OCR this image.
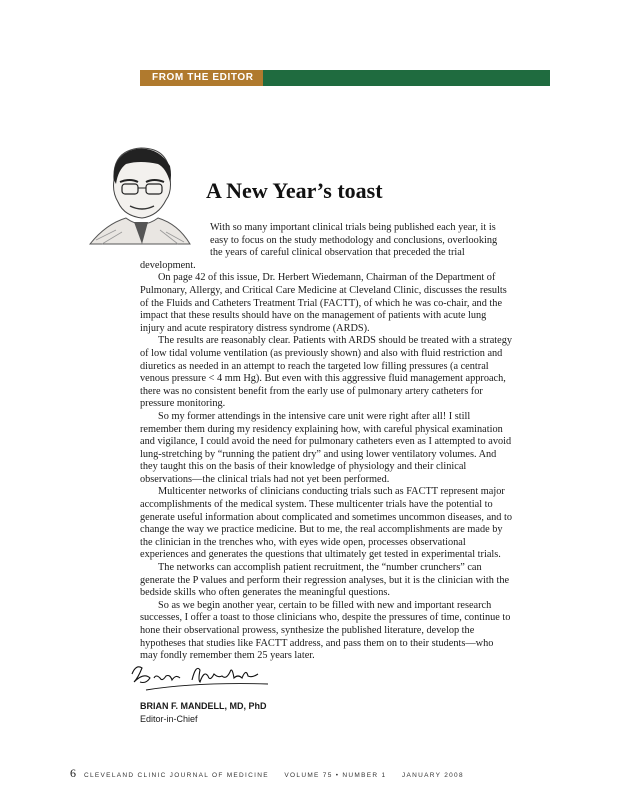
FROM THE EDITOR
A New Year’s toast

With so many important clinical trials being published each year, it is easy to focus on the study methodology and conclusions, overlooking the years of careful clinical observation that preceded the trial

development.

On page 42 of this issue, Dr. Herbert Wiedemann, Chairman of the Department of Pulmonary, Allergy, and Critical Care Medicine at Cleveland Clinic, discusses the results of the Fluids and Catheters Treatment Trial (FACTT), of which he was co-chair, and the impact that these results should have on the management of patients with acute lung injury and acute respiratory distress syndrome (ARDS).

The results are reasonably clear. Patients with ARDS should be treated with a strategy of low tidal volume ventilation (as previously shown) and also with fluid restriction and diuretics as needed in an attempt to reach the targeted low filling pressures (a central venous pressure < 4 mm Hg). But even with this aggressive fluid management approach, there was no consistent benefit from the early use of pulmonary artery catheters for pressure monitoring.

So my former attendings in the intensive care unit were right after all! I still remember them during my residency explaining how, with careful physical examination and vigilance, I could avoid the need for pulmonary catheters even as I attempted to avoid lung-stretching by “running the patient dry” and using lower ventilatory volumes. And they taught this on the basis of their knowledge of physiology and their clinical observations—the clinical trials had not yet been performed.

Multicenter networks of clinicians conducting trials such as FACTT represent major accomplishments of the medical system. These multicenter trials have the potential to generate useful information about complicated and sometimes uncommon diseases, and to change the way we practice medicine. But to me, the real accomplishments are made by the clinician in the trenches who, with eyes wide open, processes observational experiences and generates the questions that ultimately get tested in experimental trials.

The networks can accomplish patient recruitment, the “number crunchers” can generate the P values and perform their regression analyses, but it is the clinician with the bedside skills who often generates the meaningful questions.

So as we begin another year, certain to be filled with new and important research successes, I offer a toast to those clinicians who, despite the pressures of time, continue to hone their observational prowess, synthesize the published literature, develop the hypotheses that studies like FACTT address, and pass them on to their students—who may fondly remember them 25 years later.

BRIAN F. MANDELL, MD, PhD
Editor-in-Chief
6 CLEVELAND CLINIC JOURNAL OF MEDICINE     VOLUME 75 • NUMBER 1     JANUARY 2008
